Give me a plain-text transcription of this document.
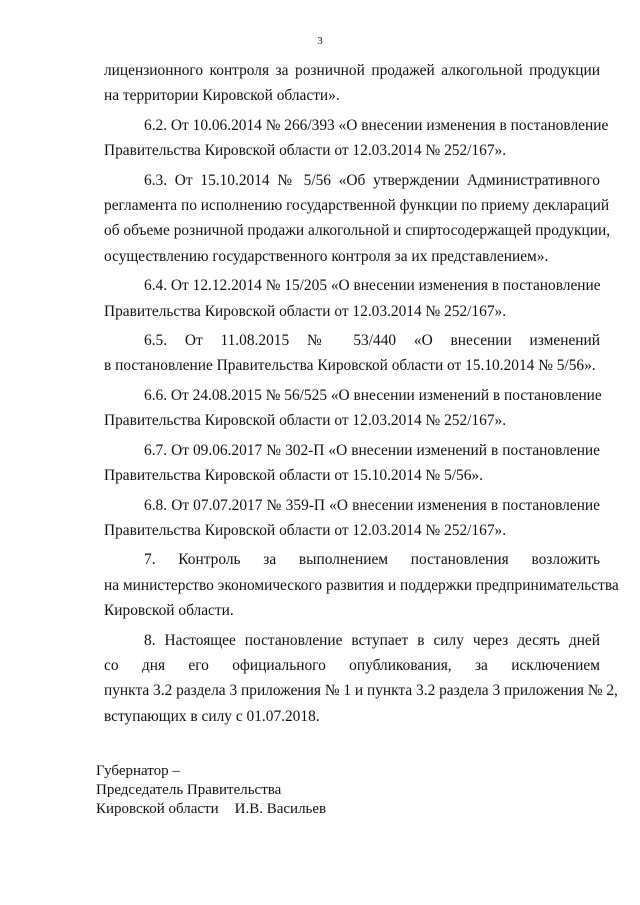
3
лицензионного контроля за розничной продажей алкогольной продукции
на территории Кировской области».
6.2. От 10.06.2014 № 266/393 «О внесении изменения в постановление
Правительства Кировской области от 12.03.2014 № 252/167».
6.3. От 15.10.2014 № 5/56 «Об утверждении Административного
регламента по исполнению государственной функции по приему деклараций
об объеме розничной продажи алкогольной и спиртосодержащей продукции,
осуществлению государственного контроля за их представлением».
6.4. От 12.12.2014 № 15/205 «О внесении изменения в постановление
Правительства Кировской области от 12.03.2014 № 252/167».
6.5. От 11.08.2015 № 53/440 «О внесении изменений
в постановление Правительства Кировской области от 15.10.2014 № 5/56».
6.6. От 24.08.2015 № 56/525 «О внесении изменений в постановление
Правительства Кировской области от 12.03.2014 № 252/167».
6.7. От 09.06.2017 № 302-П «О внесении изменений в постановление
Правительства Кировской области от 15.10.2014 № 5/56».
6.8. От 07.07.2017 № 359-П «О внесении изменения в постановление
Правительства Кировской области от 12.03.2014 № 252/167».
7. Контроль за выполнением постановления возложить
на министерство экономического развития и поддержки предпринимательства
Кировской области.
8. Настоящее постановление вступает в силу через десять дней
со дня его официального опубликования, за исключением
пункта 3.2 раздела 3 приложения № 1 и пункта 3.2 раздела 3 приложения № 2,
вступающих в силу с 01.07.2018.
Губернатор –
Председатель Правительства
Кировской области И.В. Васильев
